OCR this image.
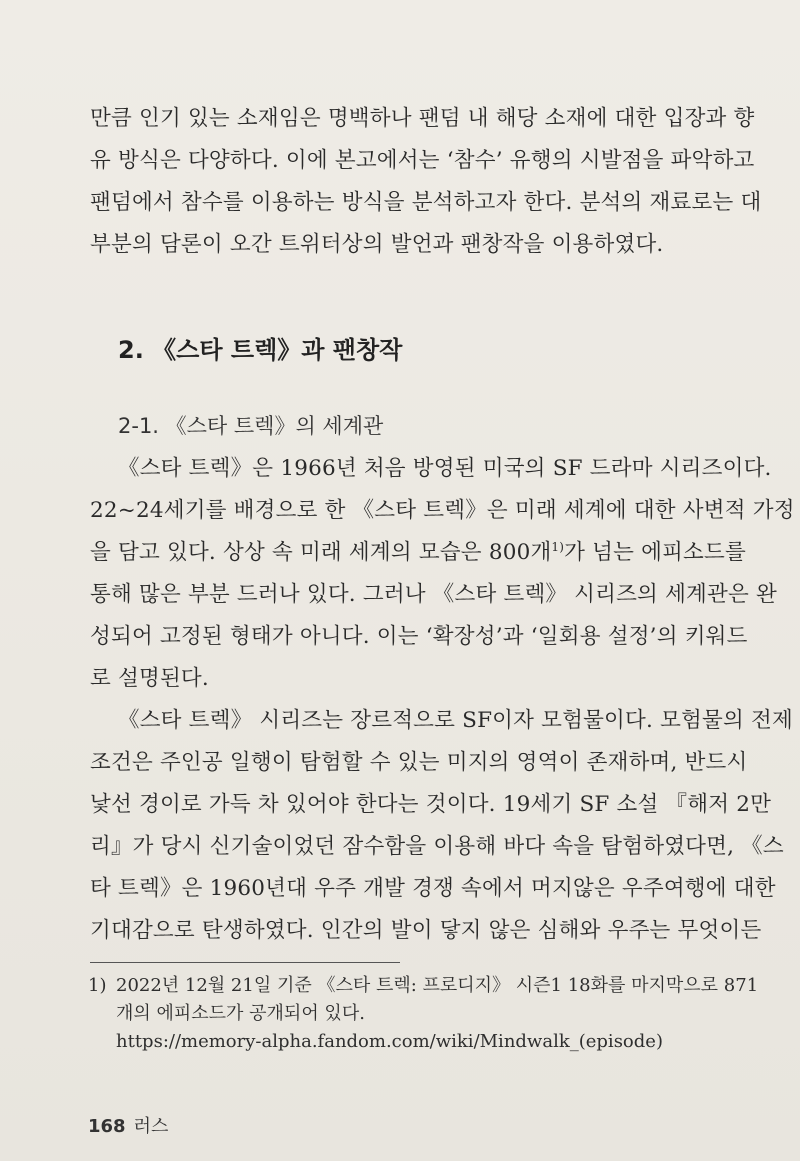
만큼 인기 있는 소재임은 명백하나 팬덤 내 해당 소재에 대한 입장과 향
유 방식은 다양하다. 이에 본고에서는 ‘참수’ 유행의 시발점을 파악하고
팬덤에서 참수를 이용하는 방식을 분석하고자 한다. 분석의 재료로는 대
부분의 담론이 오간 트위터상의 발언과 팬창작을 이용하였다.
2. 《스타 트렉》과 팬창작
2-1. 《스타 트렉》의 세계관
《스타 트렉》은 1966년 처음 방영된 미국의 SF 드라마 시리즈이다.
22~24세기를 배경으로 한 《스타 트렉》은 미래 세계에 대한 사변적 가정
을 담고 있다. 상상 속 미래 세계의 모습은 800개$^{1)}$가 넘는 에피소드를
통해 많은 부분 드러나 있다. 그러나 《스타 트렉》 시리즈의 세계관은 완
성되어 고정된 형태가 아니다. 이는 ‘확장성’과 ‘일회용 설정’의 키워드
로 설명된다.
《스타 트렉》 시리즈는 장르적으로 SF이자 모험물이다. 모험물의 전제
조건은 주인공 일행이 탐험할 수 있는 미지의 영역이 존재하며, 반드시
낯선 경이로 가득 차 있어야 한다는 것이다. 19세기 SF 소설 『해저 2만
리』가 당시 신기술이었던 잠수함을 이용해 바다 속을 탐험하였다면, 《스
타 트렉》은 1960년대 우주 개발 경쟁 속에서 머지않은 우주여행에 대한
기대감으로 탄생하였다. 인간의 발이 닿지 않은 심해와 우주는 무엇이든
1) 2022년 12월 21일 기준 《스타 트렉: 프로디지》 시즌1 18화를 마지막으로 871
개의 에피소드가 공개되어 있다.
https://memory-alpha.fandom.com/wiki/Mindwalk_(episode)
168 러스
